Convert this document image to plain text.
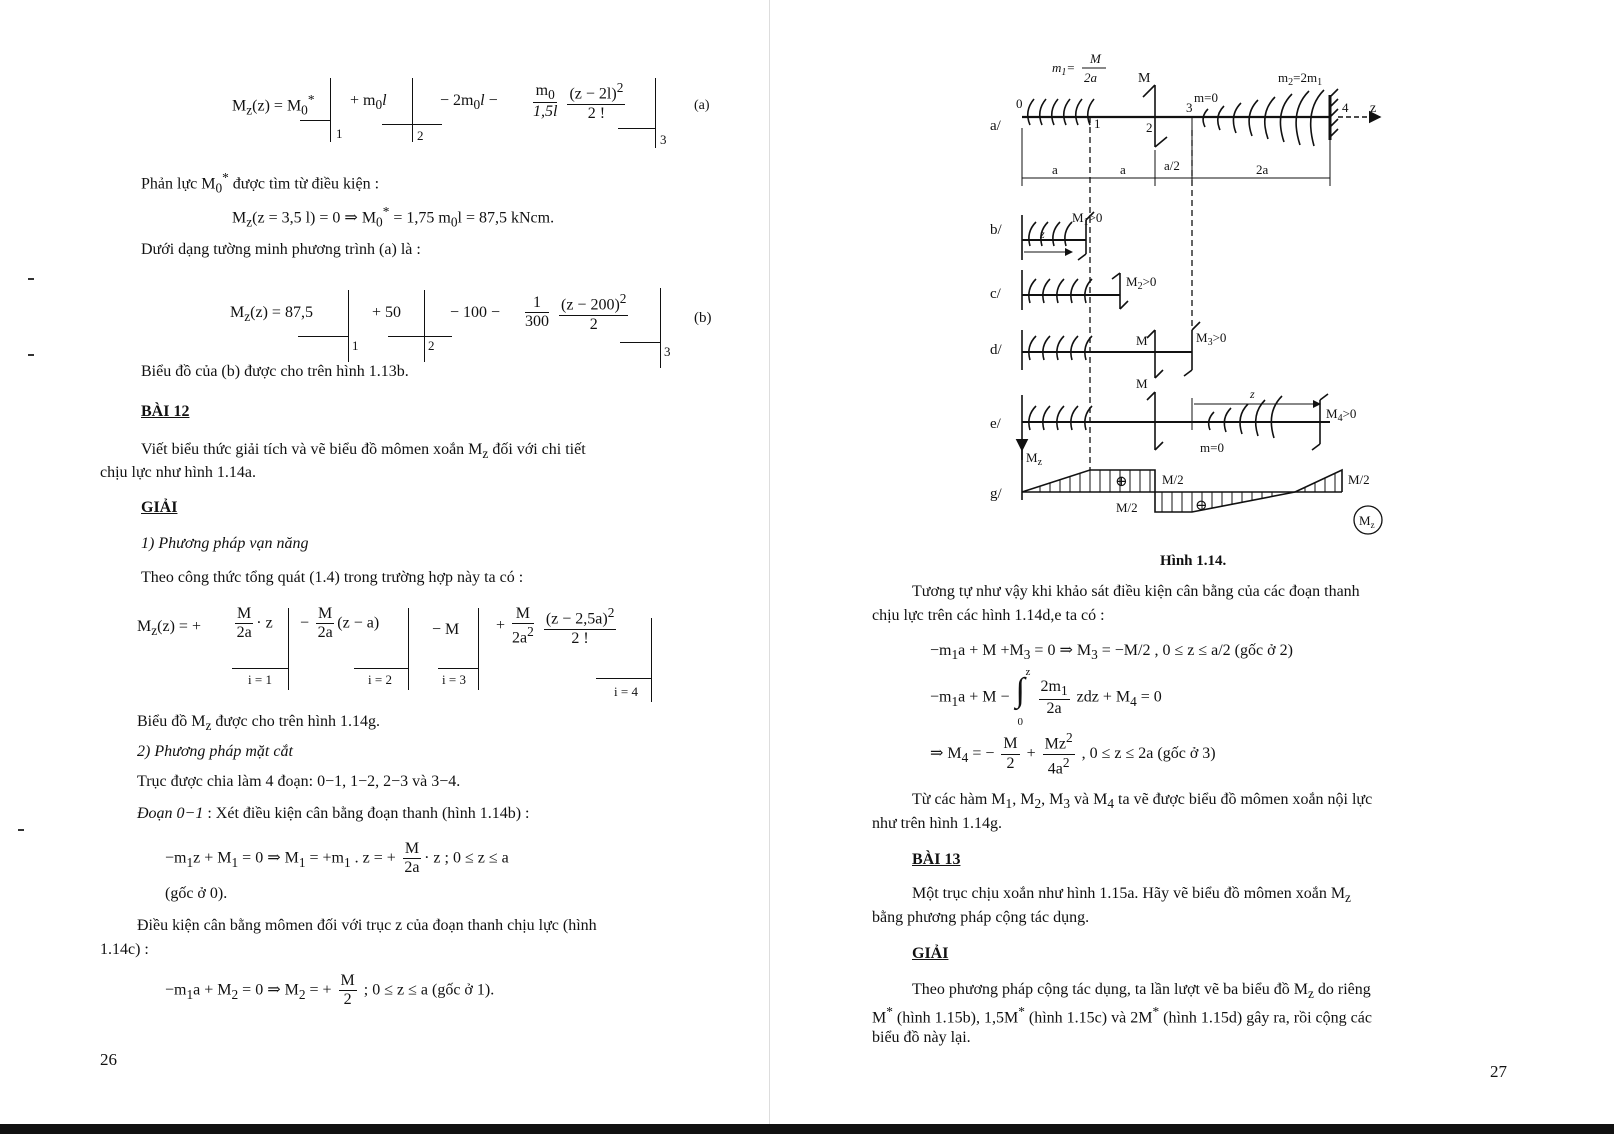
$M_z(z) = M_0^*$
1
+ $m_0l$
2
− $2m_0l - \frac{m_0}{1,5l}$
$\frac{(z - 2l)^2}{2 !}$
3
(a)
Phản lực $M_0^*$ được tìm từ điều kiện :
$M_z(z = 3,5$ l) = 0 ⇒ $M_0^* = 1,75$ $m_0l = 87,5$ kNcm.
Dưới dạng tường minh phương trình (a) là :
$M_z(z) = 87,5$
1
+ 50
2
− $100 - \frac{1}{300}$
$\frac{(z - 200)^2}{2}$
3
(b)
Biểu đồ của (b) được cho trên hình 1.13b.
BÀI 12
Viết biểu thức giải tích và vẽ biểu đồ mômen xoắn $M_z$ đối với chi tiết
chịu lực như hình 1.14a.
GIẢI
1) Phương pháp vạn năng
Theo công thức tổng quát (1.4) trong trường hợp này ta có :
$M_z(z)$ = + $\frac{M}{2a} \cdot z$
i = 1
− $\frac{M}{2a} (z - a)$
i = 2
− M
i = 3
+ $\frac{M}{2a^2}$
$\frac{(z - 2,5a)^2}{2 !}$
i = 4
Biểu đồ $M_z$ được cho trên hình 1.14g.
2) Phương pháp mặt cắt
Trục được chia làm 4 đoạn: 0−1, 1−2, 2−3 và 3−4.
Đoạn 0−1 : Xét điều kiện cân bằng đoạn thanh (hình 1.14b) :
$-m_1z + M_1 = 0$ ⇒ $M_1 = +m_1$ . z = + $\frac{M}{2a} \cdot z$ ; 0 ≤ z ≤ a
(gốc ở 0).
Điều kiện cân bằng mômen đối với trục z của đoạn thanh chịu lực (hình
1.14c) :
$-m_1a + M_2 = 0$ ⇒ $M_2$ = + $\frac{M}{2}$ ; 0 ≤ z ≤ a (gốc ở 1).
26
$m_1=$
M
2a	M	$m_2=2m_1$
m=0
z
0
1	2
3	4
a	a	a/2	2a
a/
b/
c/
d/
e/
g/
$M_1>0$
z
$M_2>0$
M	$M_3>0$
M
$M_4>0$
z
m=0
$M_z$
⊕
⊖
M/2
M/2
M/2
$M_z$
Hình 1.14.
Tương tự như vậy khi khảo sát điều kiện cân bằng của các đoạn thanh
chịu lực trên các hình 1.14d,e ta có :
$-m_1a + M +M_3 = 0$ ⇒ $M_3 = -M/2$ , 0 ≤ z ≤ a/2 (gốc ở 2)
$-m_1a + M$ − ∫ z
0

$\frac{2m_1}{2a}$ zdz + $M_4 = 0$
⇒ $M_4$ = − $\frac{M}{2} + \frac{Mz^2}{4a^2}$ , 0 ≤ z ≤ 2a (gốc ở 3)
Từ các hàm $M_1$, $M_2$, $M_3$ và $M_4$ ta vẽ được biểu đồ mômen xoắn nội lực
như trên hình 1.14g.
BÀI 13
Một trục chịu xoắn như hình 1.15a. Hãy vẽ biểu đồ mômen xoắn $M_z$
bằng phương pháp cộng tác dụng.
GIẢI
Theo phương pháp cộng tác dụng, ta lần lượt vẽ ba biểu đồ $M_z$ do riêng
M* (hình 1.15b), 1,5M* (hình 1.15c) và 2M* (hình 1.15d) gây ra, rồi cộng các
biểu đồ này lại.
27
